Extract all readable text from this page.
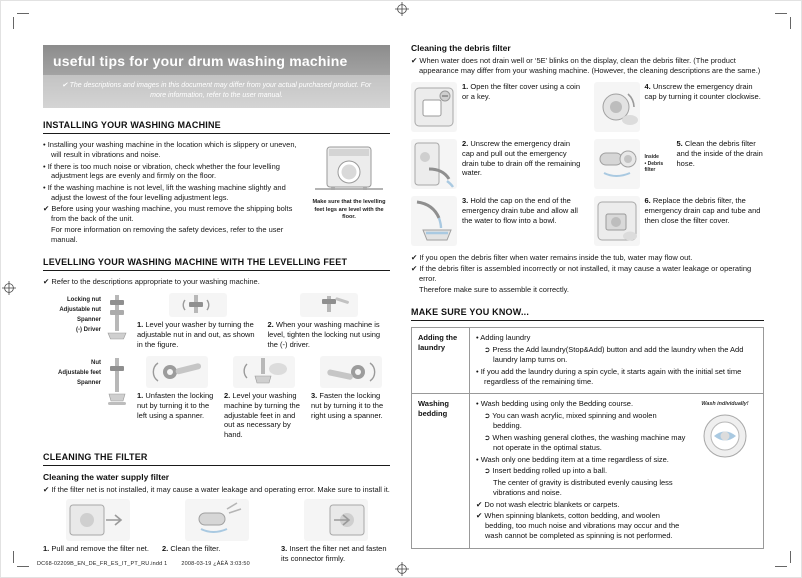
useful tips for your drum washing machine
✔ The descriptions and images in this document may differ from your actual purchased product. For more information, refer to the user manual.
INSTALLING YOUR WASHING MACHINE
• Installing your washing machine in the location which is slippery or uneven, will result in vibrations and noise.
• If there is too much noise or vibration, check whether the four levelling adjustment legs are evenly and firmly on the floor.
• If the washing machine is not level, lift the washing machine slightly and adjust the lowest of the four levelling adjustment legs.
✔ Before using your washing machine, you must remove the shipping bolts from the back of the unit.
For more information on removing the safety devices, refer to the user manual.
Make sure that the levelling feet legs are level with the floor.
LEVELLING YOUR WASHING MACHINE WITH THE LEVELLING FEET
✔ Refer to the descriptions appropriate to your washing machine.
Locking nut
Adjustable nut
Spanner
(-) Driver
1. Level your washer by turning the adjustable nut in and out, as shown in the figure.
2. When your washing machine is level, tighten the locking nut using the (-) driver.
Nut
Adjustable feet
Spanner
1. Unfasten the locking nut by turning it to the left using a spanner.
2. Level your washing machine by turning the adjustable feet in and out as necessary by hand.
3. Fasten the locking nut by turning it to the right using a spanner.
CLEANING THE FILTER
Cleaning the water supply filter
✔ If the filter net is not installed, it may cause a water leakage and operating error. Make sure to install it.
1. Pull and remove the filter net.	2. Clean the filter.	3. Insert the filter net and fasten its connector firmly.
Cleaning the debris filter
✔ When water does not drain well or ‘5E’ blinks on the display, clean the debris filter. (The product appearance may differ from your washing machine. (However, the cleaning descriptions are the same.)
1. Open the filter cover using a coin or a key.
4. Unscrew the emergency drain cap by turning it counter clockwise.
2. Unscrew the emergency drain cap and pull out the emergency drain tube to drain off the remaining water.
Inside
• Debris filter
5. Clean the debris filter and the inside of the drain hose.
3. Hold the cap on the end of the emergency drain tube and allow all the water to flow into a bowl.
6. Replace the debris filter, the emergency drain cap and tube and then close the filter cover.
✔ If you open the debris filter when water remains inside the tub, water may flow out.
✔ If the debris filter is assembled incorrectly or not installed, it may cause a water leakage or operating error.
Therefore make sure to assemble it correctly.
MAKE SURE YOU KNOW...
Adding the laundry	• Adding laundry
➲ Press the Add laundry(Stop&Add) button and add the laundry when the Add laundry lamp turns on.
• If you add the laundry during a spin cycle, it starts again with the initial set time regardless of the remaining time.

Washing bedding	
• Wash bedding using only the Bedding course.
➲ You can wash acrylic, mixed spinning and woolen bedding.
➲ When washing general clothes, the washing machine may not operate in the optimal status.
• Wash only one bedding item at a time regardless of size.
➲ Insert bedding rolled up into a ball.
The center of gravity is distributed evenly causing less vibrations and noise.
✔ Do not wash electric blankets or carpets.
✔ When spinning blankets, cotton bedding, and woolen bedding, too much noise and vibrations may occur and the wash cannot be completed as spinning is not performed.
Wash individually!
DC68-02209B_EN_DE_FR_ES_IT_PT_RU.indd 1	2008-03-19 ¿ÀÈÄ 3:03:50
